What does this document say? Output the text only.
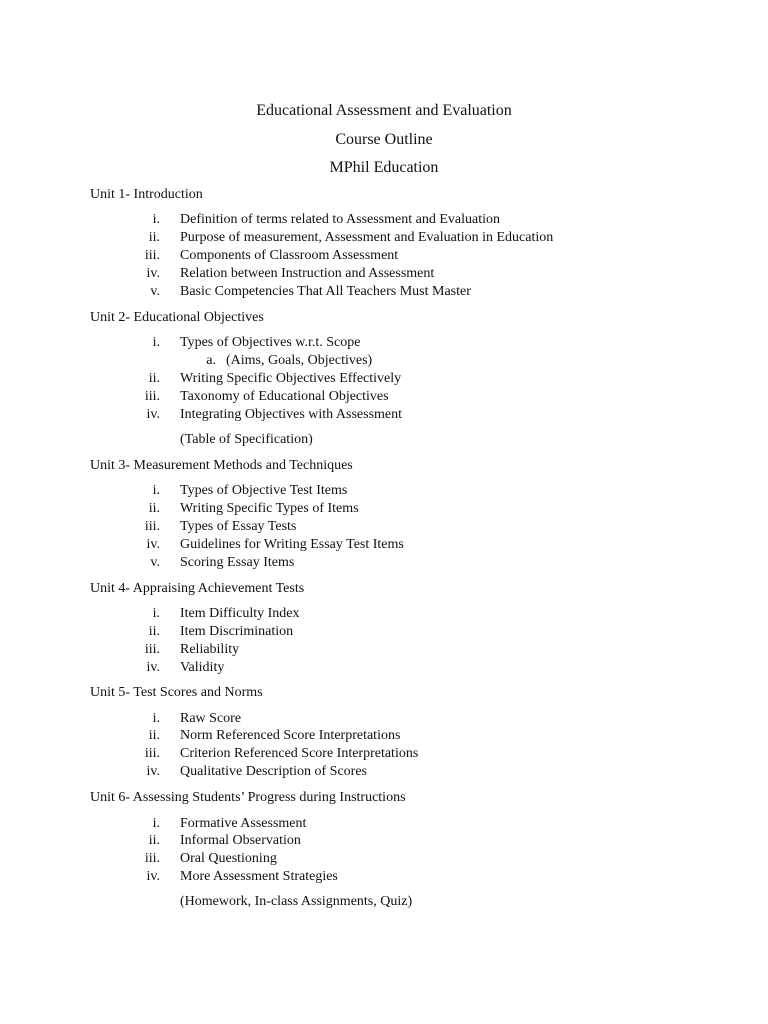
Educational Assessment and Evaluation
Course Outline
MPhil Education
Unit 1- Introduction
i. Definition of terms related to Assessment and Evaluation
ii. Purpose of measurement, Assessment and Evaluation in Education
iii. Components of Classroom Assessment
iv. Relation between Instruction and Assessment
v. Basic Competencies That All Teachers Must Master
Unit 2- Educational Objectives
i. Types of Objectives w.r.t. Scope
a. (Aims, Goals, Objectives)
ii. Writing Specific Objectives Effectively
iii. Taxonomy of Educational Objectives
iv. Integrating Objectives with Assessment
(Table of Specification)
Unit 3- Measurement Methods and Techniques
i. Types of Objective Test Items
ii. Writing Specific Types of Items
iii. Types of Essay Tests
iv. Guidelines for Writing Essay Test Items
v. Scoring Essay Items
Unit 4- Appraising Achievement Tests
i. Item Difficulty Index
ii. Item Discrimination
iii. Reliability
iv. Validity
Unit 5- Test Scores and Norms
i. Raw Score
ii. Norm Referenced Score Interpretations
iii. Criterion Referenced Score Interpretations
iv. Qualitative Description of Scores
Unit 6- Assessing Students’ Progress during Instructions
i. Formative Assessment
ii. Informal Observation
iii. Oral Questioning
iv. More Assessment Strategies
(Homework, In-class Assignments, Quiz)
